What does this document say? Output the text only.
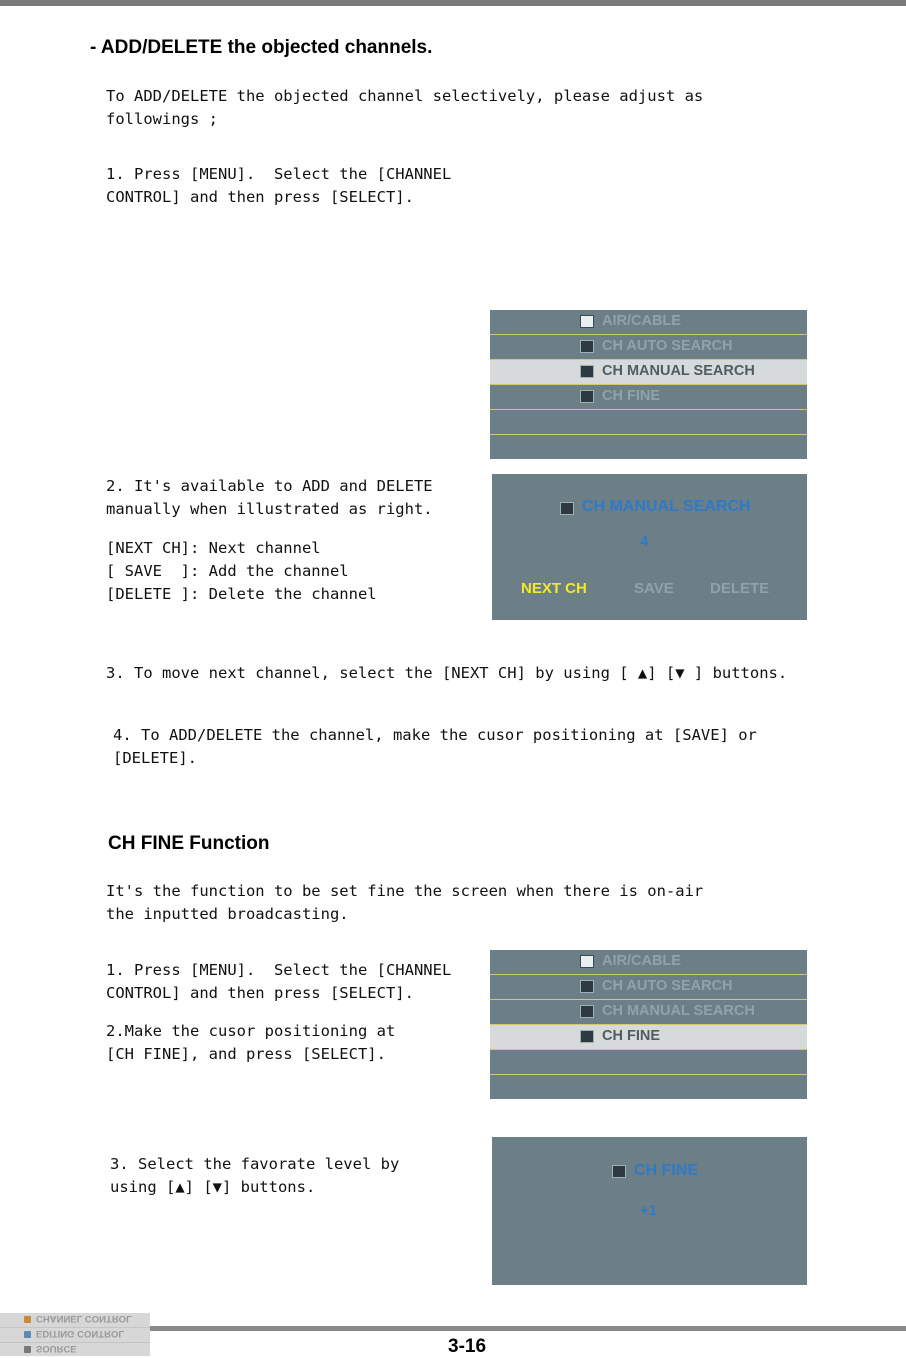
- ADD/DELETE the objected channels.
To ADD/DELETE the objected channel selectively, please adjust as
followings ;
1. Press [MENU].  Select the [CHANNEL
CONTROL] and then press [SELECT].
AIR/CABLE
CH AUTO SEARCH
CH MANUAL SEARCH
CH FINE
2. It's available to ADD and DELETE
manually when illustrated as right.
[NEXT CH]: Next channel
[ SAVE  ]: Add the channel
[DELETE ]: Delete the channel
CH MANUAL SEARCH
4
NEXT CH	SAVE DELETE
3. To move next channel, select the [NEXT CH] by using [ ▲] [▼ ] buttons.
4. To ADD/DELETE the channel, make the cusor positioning at [SAVE] or
[DELETE].
CH FINE Function
It's the function to be set fine the screen when there is on-air
the inputted broadcasting.
1. Press [MENU].  Select the [CHANNEL
CONTROL] and then press [SELECT].
2.Make the cusor positioning at
[CH FINE], and press [SELECT].
AIR/CABLE
CH AUTO SEARCH
CH MANUAL SEARCH
CH FINE
3. Select the favorate level by
using [▲] [▼] buttons.
CH FINE
+1
CHANNEL CONTROL
EDITING CONTROL
SOURCE	3-16
